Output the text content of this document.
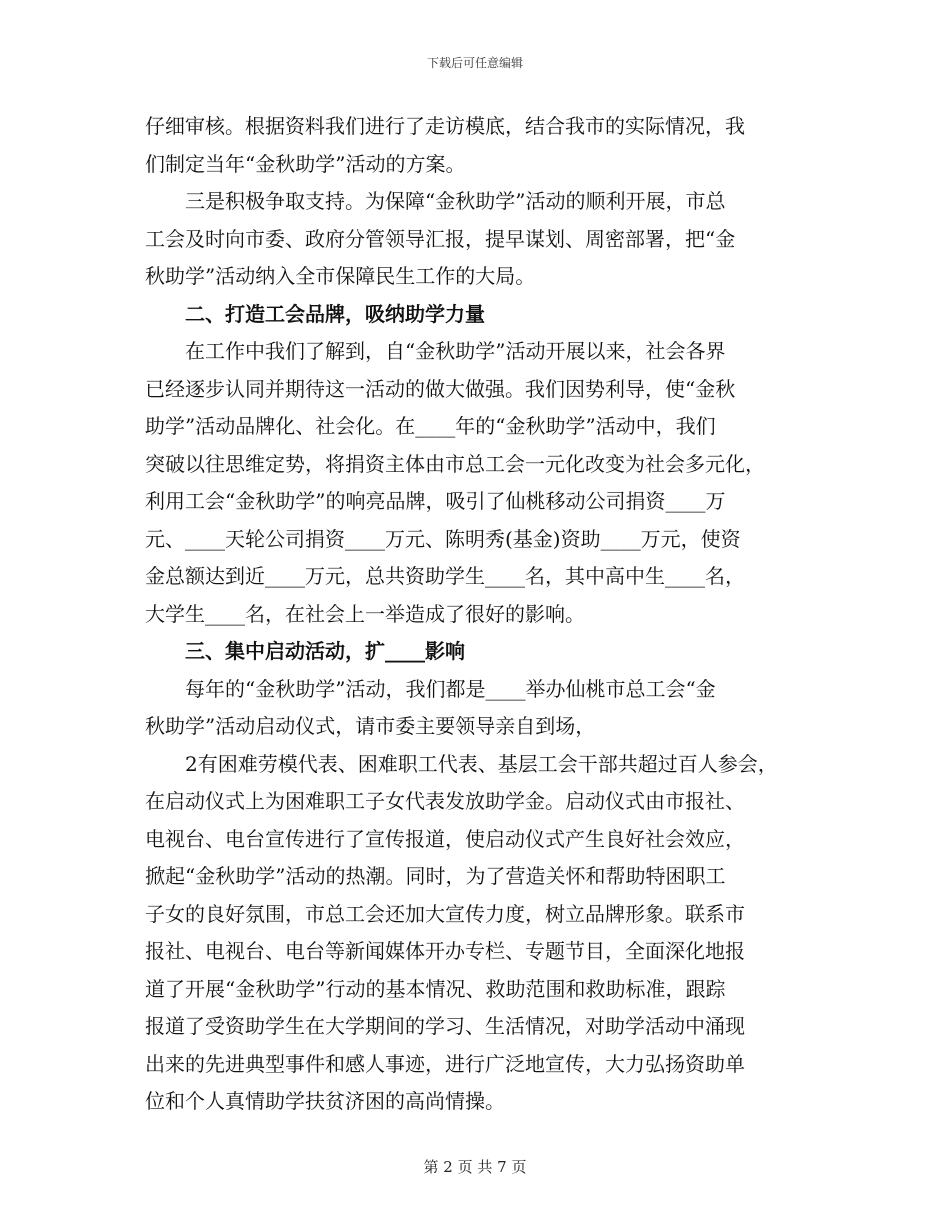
下载后可任意编辑
仔细审核。根据资料我们进行了走访模底，结合我市的实际情况，我
们制定当年“金秋助学”活动的方案。
　　三是积极争取支持。为保障“金秋助学”活动的顺利开展，市总
工会及时向市委、政府分管领导汇报，提早谋划、周密部署，把“金
秋助学”活动纳入全市保障民生工作的大局。
　　二、打造工会品牌，吸纳助学力量
　　在工作中我们了解到，自“金秋助学”活动开展以来，社会各界
已经逐步认同并期待这一活动的做大做强。我们因势利导，使“金秋
助学”活动品牌化、社会化。在____年的“金秋助学”活动中，我们
突破以往思维定势，将捐资主体由市总工会一元化改变为社会多元化，
利用工会“金秋助学”的响亮品牌，吸引了仙桃移动公司捐资____万
元、____天轮公司捐资____万元、陈明秀(基金)资助____万元，使资
金总额达到近____万元，总共资助学生____名，其中高中生____名，
大学生____名，在社会上一举造成了很好的影响。
　　三、集中启动活动，扩____影响
　　每年的“金秋助学”活动，我们都是____举办仙桃市总工会“金
秋助学”活动启动仪式，请市委主要领导亲自到场，
　　2有困难劳模代表、困难职工代表、基层工会干部共超过百人参会，
在启动仪式上为困难职工子女代表发放助学金。启动仪式由市报社、
电视台、电台宣传进行了宣传报道，使启动仪式产生良好社会效应，
掀起“金秋助学”活动的热潮。同时，为了营造关怀和帮助特困职工
子女的良好氛围，市总工会还加大宣传力度，树立品牌形象。联系市
报社、电视台、电台等新闻媒体开办专栏、专题节目，全面深化地报
道了开展“金秋助学”行动的基本情况、救助范围和救助标准，跟踪
报道了受资助学生在大学期间的学习、生活情况，对助学活动中涌现
出来的先进典型事件和感人事迹，进行广泛地宣传，大力弘扬资助单
位和个人真情助学扶贫济困的高尚情操。
第 2 页 共 7 页
